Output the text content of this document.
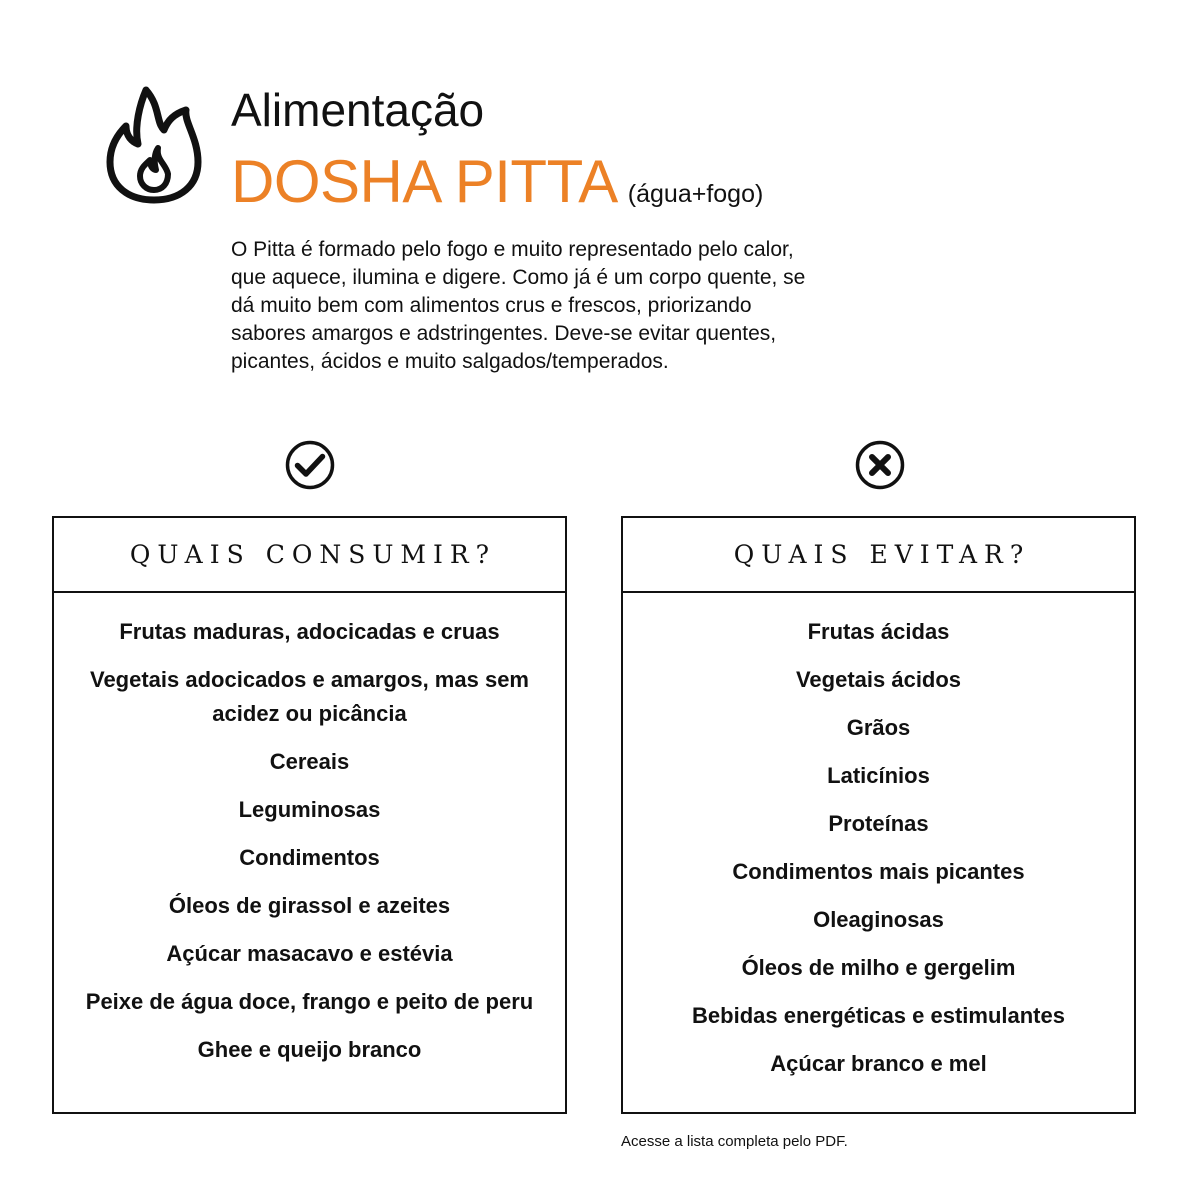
Alimentação
DOSHA PITTA (água+fogo)
O Pitta é formado pelo fogo e muito representado pelo calor, que aquece, ilumina e digere. Como já é um corpo quente, se dá muito bem com alimentos crus e frescos, priorizando sabores amargos e adstringentes. Deve-se evitar quentes, picantes, ácidos e muito salgados/temperados.
QUAIS CONSUMIR?
Frutas maduras, adocicadas e cruas
Vegetais adocicados e amargos, mas sem acidez ou picância
Cereais
Leguminosas
Condimentos
Óleos de girassol e azeites
Açúcar masacavo e estévia
Peixe de água doce, frango e peito de peru
Ghee e queijo branco
QUAIS EVITAR?
Frutas ácidas
Vegetais ácidos
Grãos
Laticínios
Proteínas
Condimentos mais picantes
Oleaginosas
Óleos de milho e gergelim
Bebidas energéticas e estimulantes
Açúcar branco e mel
Acesse a lista completa pelo PDF.
